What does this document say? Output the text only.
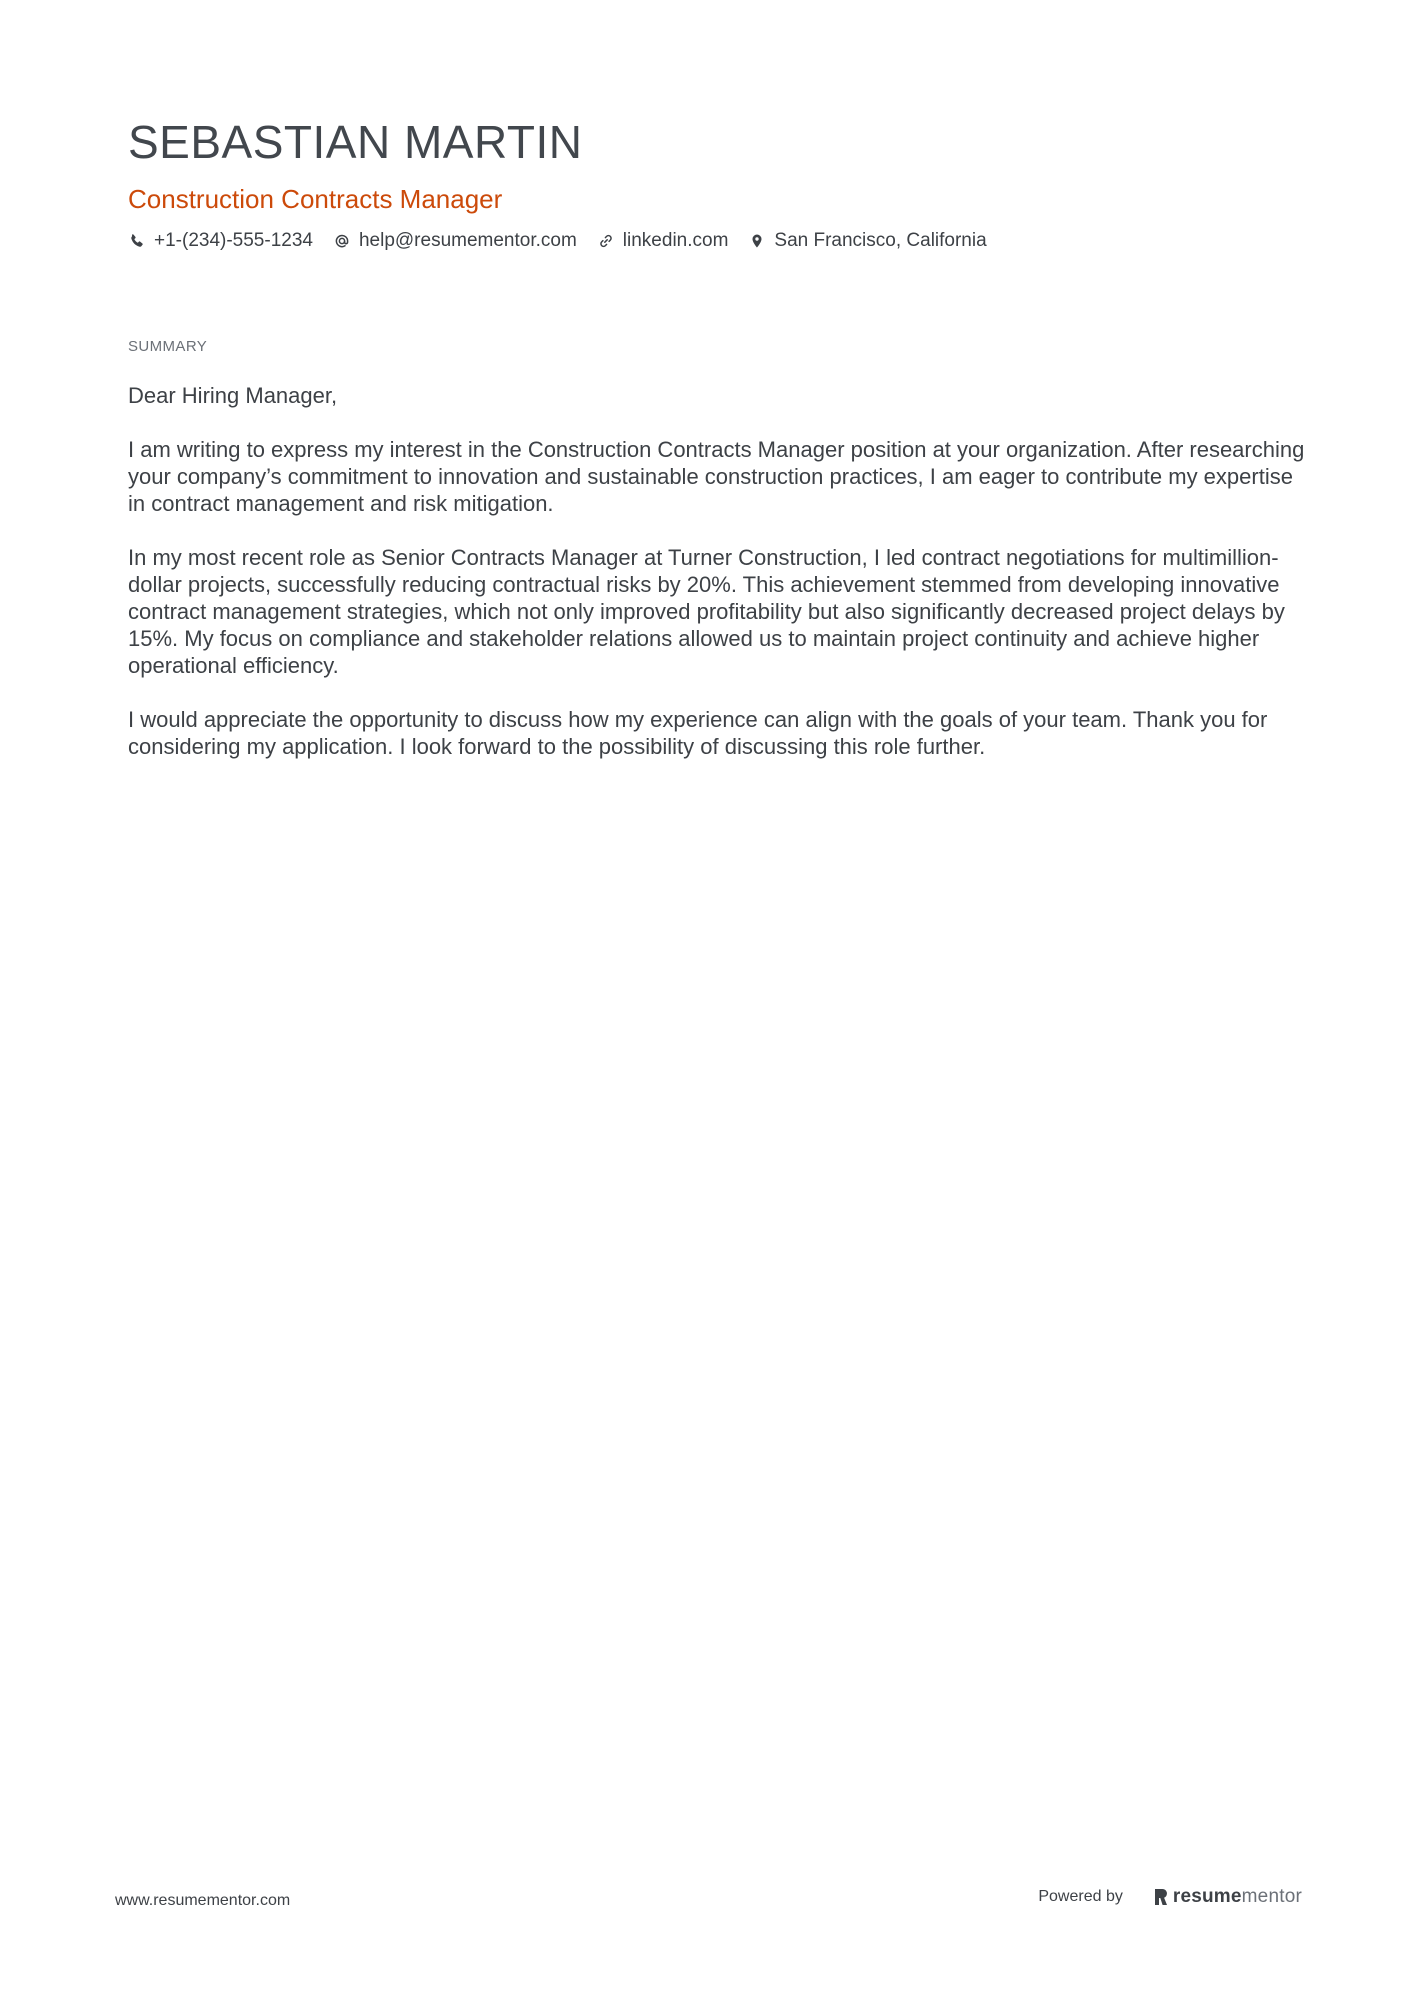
SEBASTIAN MARTIN
Construction Contracts Manager
+1-(234)-555-1234 help@resumementor.com linkedin.com San Francisco, California
SUMMARY

Dear Hiring Manager,

I am writing to express my interest in the Construction Contracts Manager position at your organization. After researching your company’s commitment to innovation and sustainable construction practices, I am eager to contribute my expertise in contract management and risk mitigation.

In my most recent role as Senior Contracts Manager at Turner Construction, I led contract negotiations for multimillion-dollar projects, successfully reducing contractual risks by 20%. This achievement stemmed from developing innovative contract management strategies, which not only improved profitability but also significantly decreased project delays by 15%. My focus on compliance and stakeholder relations allowed us to maintain project continuity and achieve higher operational efficiency.

I would appreciate the opportunity to discuss how my experience can align with the goals of your team. Thank you for considering my application. I look forward to the possibility of discussing this role further.

www.resumementor.com	Powered by	resume mentor
